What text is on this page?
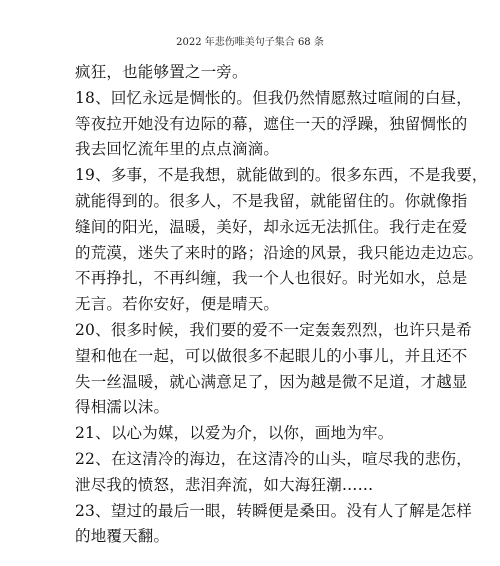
2022 年悲伤唯美句子集合 68 条
疯狂，也能够置之一旁。
18、回忆永远是惆怅的。但我仍然情愿熬过喧闹的白昼，
等夜拉开她没有边际的幕，遮住一天的浮躁，独留惆怅的
我去回忆流年里的点点滴滴。
19、多事，不是我想，就能做到的。很多东西，不是我要，
就能得到的。很多人，不是我留，就能留住的。你就像指
缝间的阳光，温暖，美好，却永远无法抓住。我行走在爱
的荒漠，迷失了来时的路；沿途的风景，我只能边走边忘。
不再挣扎，不再纠缠，我一个人也很好。时光如水，总是
无言。若你安好，便是晴天。
20、很多时候，我们要的爱不一定轰轰烈烈，也许只是希
望和他在一起，可以做很多不起眼儿的小事儿，并且还不
失一丝温暖，就心满意足了，因为越是微不足道，才越显
得相濡以沫。
21、以心为媒，以爱为介，以你，画地为牢。
22、在这清冷的海边，在这清冷的山头，喧尽我的悲伤，
泄尽我的愤怒，悲泪奔流，如大海狂潮……
23、望过的最后一眼，转瞬便是桑田。没有人了解是怎样
的地覆天翻。
